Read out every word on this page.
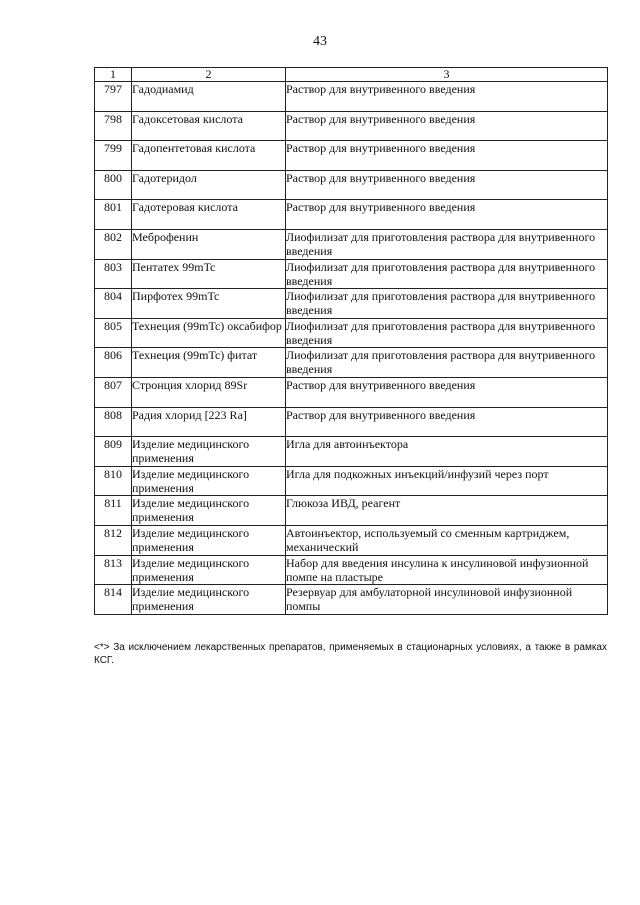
43
1	2	3
797	Гадодиамид	Раствор для внутривенного введения
798	Гадоксетовая кислота	Раствор для внутривенного введения
799	Гадопентетовая кислота	Раствор для внутривенного введения
800	Гадотеридол	Раствор для внутривенного введения
801	Гадотеровая кислота	Раствор для внутривенного введения
802	Меброфенин	Лиофилизат для приготовления раствора для внутривенного введения
803	Пентатех 99mTc	Лиофилизат для приготовления раствора для внутривенного введения
804	Пирфотех 99mTc	Лиофилизат для приготовления раствора для внутривенного введения
805	Технеция (99mTc) оксабифор	Лиофилизат для приготовления раствора для внутривенного введения
806	Технеция (99mTc) фитат	Лиофилизат для приготовления раствора для внутривенного введения
807	Стронция хлорид 89Sr	Раствор для внутривенного введения
808	Радия хлорид [223 Ra]	Раствор для внутривенного введения
809	Изделие медицинского применения	Игла для автоинъектора
810	Изделие медицинского применения	Игла для подкожных инъекций/инфузий через порт
811	Изделие медицинского применения	Глюкоза ИВД, реагент
812	Изделие медицинского применения	Автоинъектор, используемый со сменным картриджем, механический
813	Изделие медицинского применения	Набор для введения инсулина к инсулиновой инфузионной помпе на пластыре
814	Изделие медицинского применения	Резервуар для амбулаторной инсулиновой инфузионной помпы
<*> За исключением лекарственных препаратов, применяемых в стационарных условиях, а также в рамках КСГ.
